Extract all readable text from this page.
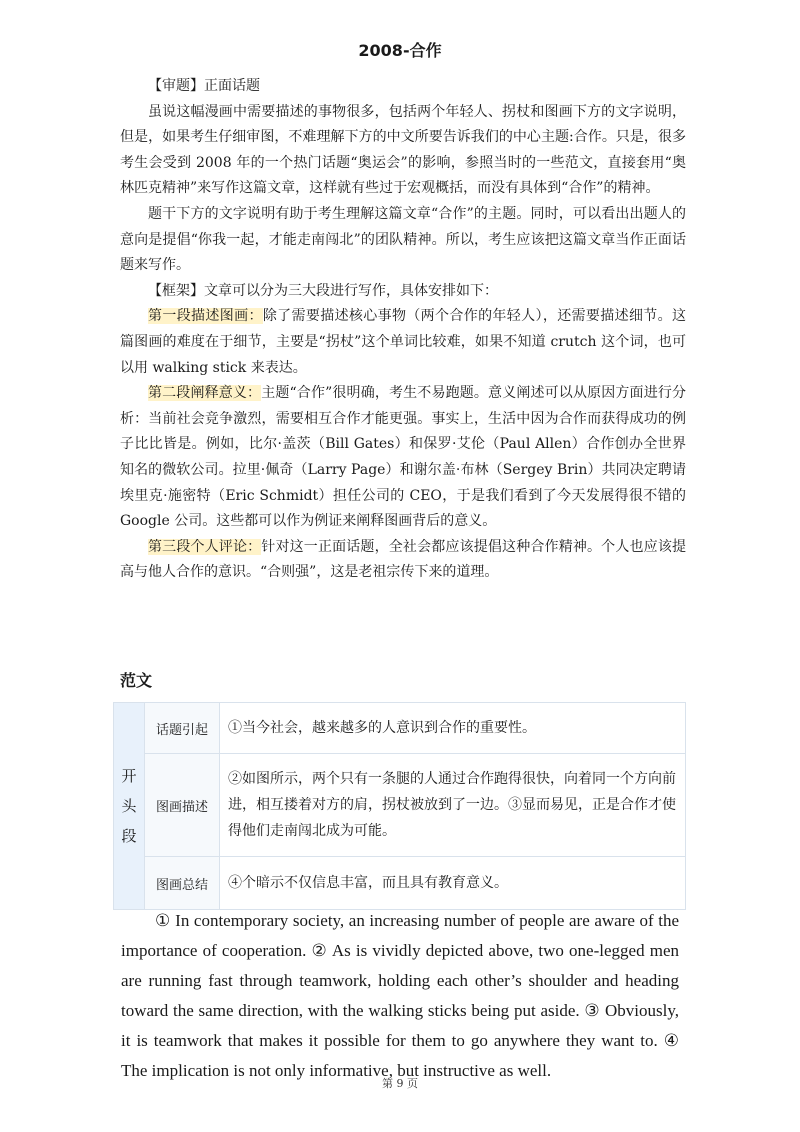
2008-合作

【审题】正面话题

虽说这幅漫画中需要描述的事物很多，包括两个年轻人、拐杖和图画下方的文字说明，但是，如果考生仔细审图，不难理解下方的中文所要告诉我们的中心主题:合作。只是，很多考生会受到 2008 年的一个热门话题“奥运会”的影响，参照当时的一些范文，直接套用“奥林匹克精神”来写作这篇文章，这样就有些过于宏观概括，而没有具体到“合作”的精神。

题干下方的文字说明有助于考生理解这篇文章“合作”的主题。同时，可以看出出题人的意向是提倡“你我一起，才能走南闯北”的团队精神。所以，考生应该把这篇文章当作正面话题来写作。

【框架】文章可以分为三大段进行写作，具体安排如下：

第一段描述图画：除了需要描述核心事物（两个合作的年轻人），还需要描述细节。这篇图画的难度在于细节，主要是“拐杖”这个单词比较难，如果不知道 crutch 这个词，也可以用 walking stick 来表达。

第二段阐释意义：主题“合作”很明确，考生不易跑题。意义阐述可以从原因方面进行分析：当前社会竞争激烈，需要相互合作才能更强。事实上，生活中因为合作而获得成功的例子比比皆是。例如，比尔·盖茨（Bill Gates）和保罗·艾伦（Paul Allen）合作创办全世界知名的微软公司。拉里·佩奇（Larry Page）和谢尔盖·布林（Sergey Brin）共同决定聘请埃里克·施密特（Eric Schmidt）担任公司的 CEO，于是我们看到了今天发展得很不错的 Google 公司。这些都可以作为例证来阐释图画背后的意义。

第三段个人评论：针对这一正面话题，全社会都应该提倡这种合作精神。个人也应该提高与他人合作的意识。“合则强”，这是老祖宗传下来的道理。

范文
开
头
段	话题引起	①当今社会，越来越多的人意识到合作的重要性。
	图画描述	②如图所示，两个只有一条腿的人通过合作跑得很快，向着同一个方向前进，相互搂着对方的肩，拐杖被放到了一边。③显而易见，正是合作才使得他们走南闯北成为可能。
	图画总结	④个暗示不仅信息丰富，而且具有教育意义。

① In contemporary society, an increasing number of people are aware of the importance of cooperation. ② As is vividly depicted above, two one-legged men are running fast through teamwork, holding each other’s shoulder and heading toward the same direction, with the walking sticks being put aside. ③ Obviously, it is teamwork that makes it possible for them to go anywhere they want to. ④ The implication is not only informative, but instructive as well.

第 9 页
